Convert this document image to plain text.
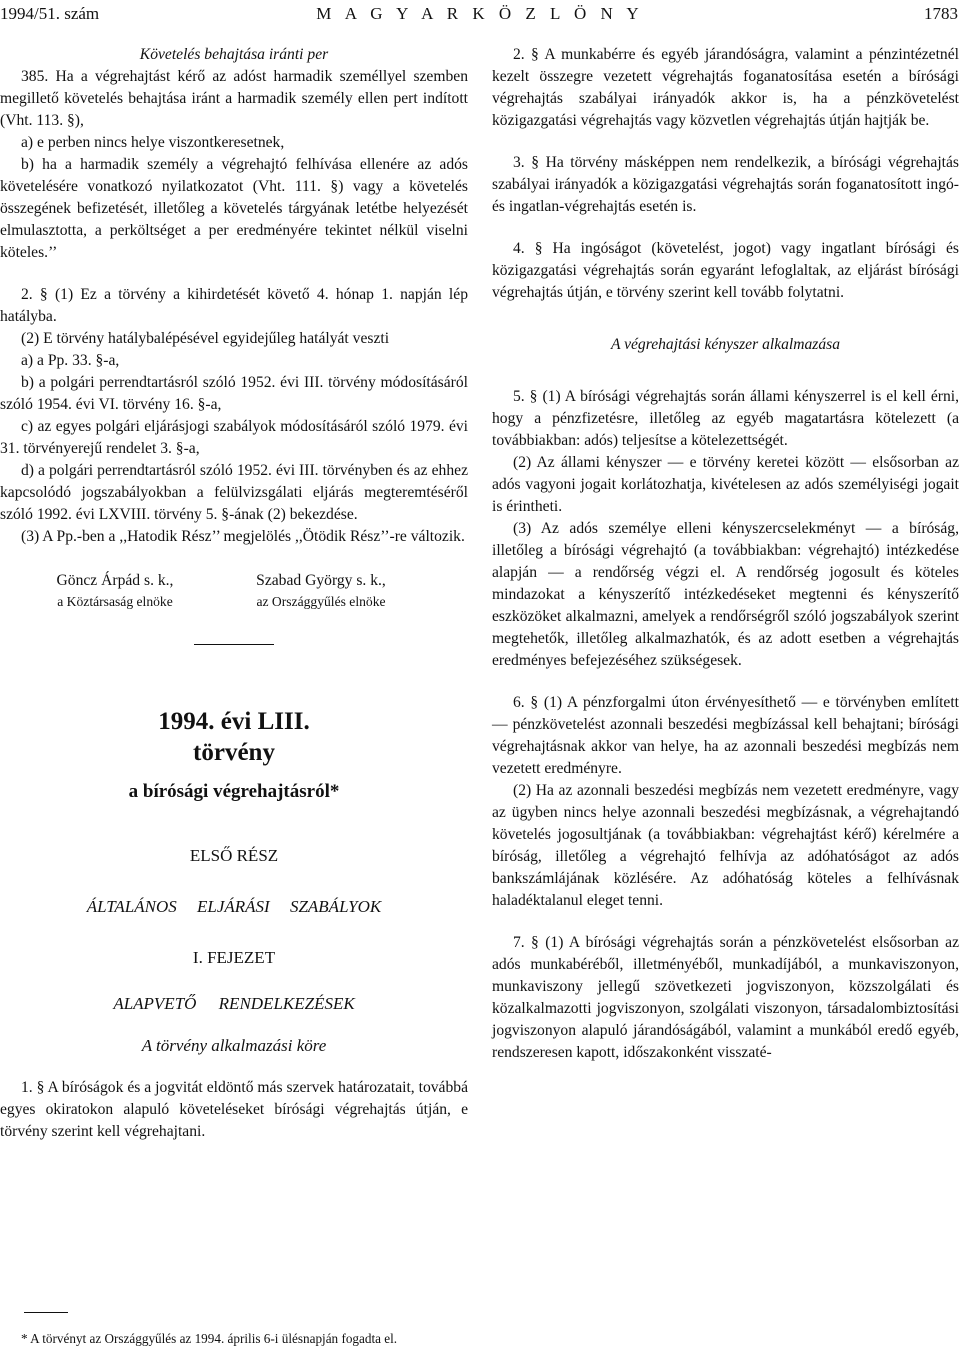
1994/51. szám	M A G Y A R K Ö Z L Ö N Y	1783

Követelés behajtása iránti per

385. Ha a végrehajtást kérő az adóst harmadik személlyel szemben megillető követelés behajtása iránt a harmadik személy ellen pert indított (Vht. 113. §),

a) e perben nincs helye viszontkeresetnek,

b) ha a harmadik személy a végrehajtó felhívása ellenére az adós követelésére vonatkozó nyilatkozatot (Vht. 111. §) vagy a követelés összegének befizetését, illetőleg a követelés tárgyának letétbe helyezését elmulasztotta, a perköltséget a per eredményére tekintet nélkül viselni köteles.’’

2. § (1) Ez a törvény a kihirdetését követő 4. hónap 1. napján lép hatályba.

(2) E törvény hatálybalépésével egyidejűleg hatályát veszti

a) a Pp. 33. §-a,

b) a polgári perrendtartásról szóló 1952. évi III. törvény módosításáról szóló 1954. évi VI. törvény 16. §-a,

c) az egyes polgári eljárásjogi szabályok módosításáról szóló 1979. évi 31. törvényerejű rendelet 3. §-a,

d) a polgári perrendtartásról szóló 1952. évi III. törvényben és az ehhez kapcsolódó jogszabályokban a felülvizsgálati eljárás megteremtéséről szóló 1992. évi LXVIII. törvény 5. §-ának (2) bekezdése.

(3) A Pp.-ben a ,,Hatodik Rész’’ megjelölés ,,Ötödik Rész’’-re változik.

Göncz Árpád s. k.,
a Köztársaság elnöke
Szabad György s. k.,
az Országgyűlés elnöke

1994. évi LIII.

törvény

a bírósági végrehajtásról*

ELSŐ RÉSZ

ÁLTALÁNOS ELJÁRÁSI SZABÁLYOK

I. FEJEZET

ALAPVETŐ RENDELKEZÉSEK

A törvény alkalmazási köre

1. § A bíróságok és a jogvitát eldöntő más szervek határozatait, továbbá egyes okiratokon alapuló követeléseket bírósági végrehajtás útján, e törvény szerint kell végrehajtani.

* A törvényt az Országgyűlés az 1994. április 6-i ülésnapján fogadta el.

2. § A munkabérre és egyéb járandóságra, valamint a pénzintézetnél kezelt összegre vezetett végrehajtás foganatosítása esetén a bírósági végrehajtás szabályai irányadók akkor is, ha a pénzkövetelést közigazgatási végrehajtás vagy közvetlen végrehajtás útján hajtják be.

3. § Ha törvény másképpen nem rendelkezik, a bírósági végrehajtás szabályai irányadók a közigazgatási végrehajtás során foganatosított ingó- és ingatlan-végrehajtás esetén is.

4. § Ha ingóságot (követelést, jogot) vagy ingatlant bírósági és közigazgatási végrehajtás során egyaránt lefoglaltak, az eljárást bírósági végrehajtás útján, e törvény szerint kell tovább folytatni.

A végrehajtási kényszer alkalmazása

5. § (1) A bírósági végrehajtás során állami kényszerrel is el kell érni, hogy a pénzfizetésre, illetőleg az egyéb magatartásra kötelezett (a továbbiakban: adós) teljesítse a kötelezettségét.

(2) Az állami kényszer — e törvény keretei között — elsősorban az adós vagyoni jogait korlátozhatja, kivételesen az adós személyiségi jogait is érintheti.

(3) Az adós személye elleni kényszercselekményt — a bíróság, illetőleg a bírósági végrehajtó (a továbbiakban: végrehajtó) intézkedése alapján — a rendőrség végzi el. A rendőrség jogosult és köteles mindazokat a kényszerítő intézkedéseket megtenni és kényszerítő eszközöket alkalmazni, amelyek a rendőrségről szóló jogszabályok szerint megtehetők, illetőleg alkalmazhatók, és az adott esetben a végrehajtás eredményes befejezéséhez szükségesek.

6. § (1) A pénzforgalmi úton érvényesíthető — e törvényben említett — pénzkövetelést azonnali beszedési megbízással kell behajtani; bírósági végrehajtásnak akkor van helye, ha az azonnali beszedési megbízás nem vezetett eredményre.

(2) Ha az azonnali beszedési megbízás nem vezetett eredményre, vagy az ügyben nincs helye azonnali beszedési megbízásnak, a végrehajtandó követelés jogosultjának (a továbbiakban: végrehajtást kérő) kérelmére a bíróság, illetőleg a végrehajtó felhívja az adóhatóságot az adós bankszámlájának közlésére. Az adóhatóság köteles a felhívásnak haladéktalanul eleget tenni.

7. § (1) A bírósági végrehajtás során a pénzkövetelést elsősorban az adós munkabéréből, illetményéből, munkadíjából, a munkaviszonyon, munkaviszony jellegű szövetkezeti jogviszonyon, közszolgálati és közalkalmazotti jogviszonyon, szolgálati viszonyon, társadalombiztosítási jogviszonyon alapuló járandóságából, valamint a munkából eredő egyéb, rendszeresen kapott, időszakonként visszaté-
